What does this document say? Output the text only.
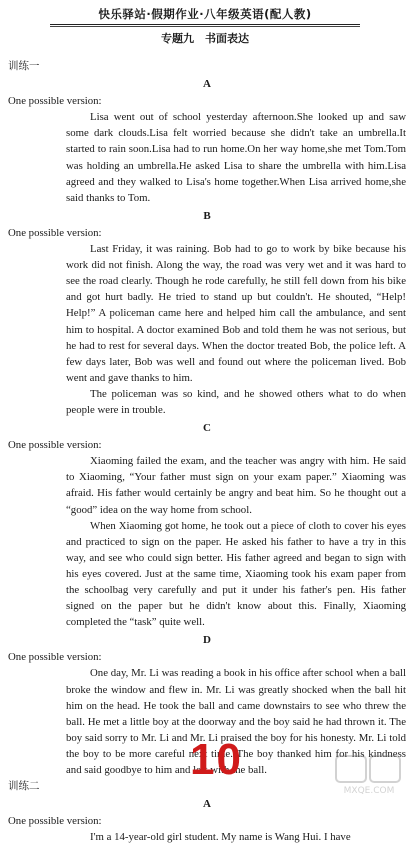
快乐驿站·假期作业·八年级英语(配人教)
专题九　书面表达
训练一
A
One possible version:
Lisa went out of school yesterday afternoon.She looked up and saw some dark clouds.Lisa felt worried because she didn't take an umbrella.It started to rain soon.Lisa had to run home.On her way home,she met Tom.Tom was holding an umbrella.He asked Lisa to share the umbrella with him.Lisa agreed and they walked to Lisa's home together.When Lisa arrived home,she said thanks to Tom.
B
One possible version:
Last Friday, it was raining. Bob had to go to work by bike because his work did not finish. Along the way, the road was very wet and it was hard to see the road clearly. Though he rode carefully, he still fell down from his bike and got hurt badly. He tried to stand up but couldn't. He shouted, “Help! Help!” A policeman came here and helped him call the ambulance, and sent him to hospital. A doctor examined Bob and told them he was not serious, but he had to rest for several days. When the doctor treated Bob, the police left. A few days later, Bob was well and found out where the policeman lived. Bob went and gave thanks to him.
The policeman was so kind, and he showed others what to do when people were in trouble.
C
One possible version:
Xiaoming failed the exam, and the teacher was angry with him. He said to Xiaoming, “Your father must sign on your exam paper.” Xiaoming was afraid. His father would certainly be angry and beat him. So he thought out a “good” idea on the way home from school.
When Xiaoming got home, he took out a piece of cloth to cover his eyes and practiced to sign on the paper. He asked his father to have a try in this way, and see who could sign better. His father agreed and began to sign with his eyes covered. Just at the same time, Xiaoming took his exam paper from the schoolbag very carefully and put it under his father's pen. His father signed on the paper but he didn't know about this. Finally, Xiaoming completed the “task” quite well.
D
One possible version:
One day, Mr. Li was reading a book in his office after school when a ball broke the window and flew in. Mr. Li was greatly shocked when the ball hit him on the head. He took the ball and came downstairs to see who threw the ball. He met a little boy at the doorway and the boy said he had thrown it. The boy said sorry to Mr. Li and Mr. Li praised the boy for his honesty. Mr. Li told the boy to be more careful next time. The boy thanked him for his kindness and said goodbye to him and left with the ball.
训练二
A
One possible version:
I'm a 14-year-old girl student. My name is Wang Hui. I have
10
MXQE.COM
